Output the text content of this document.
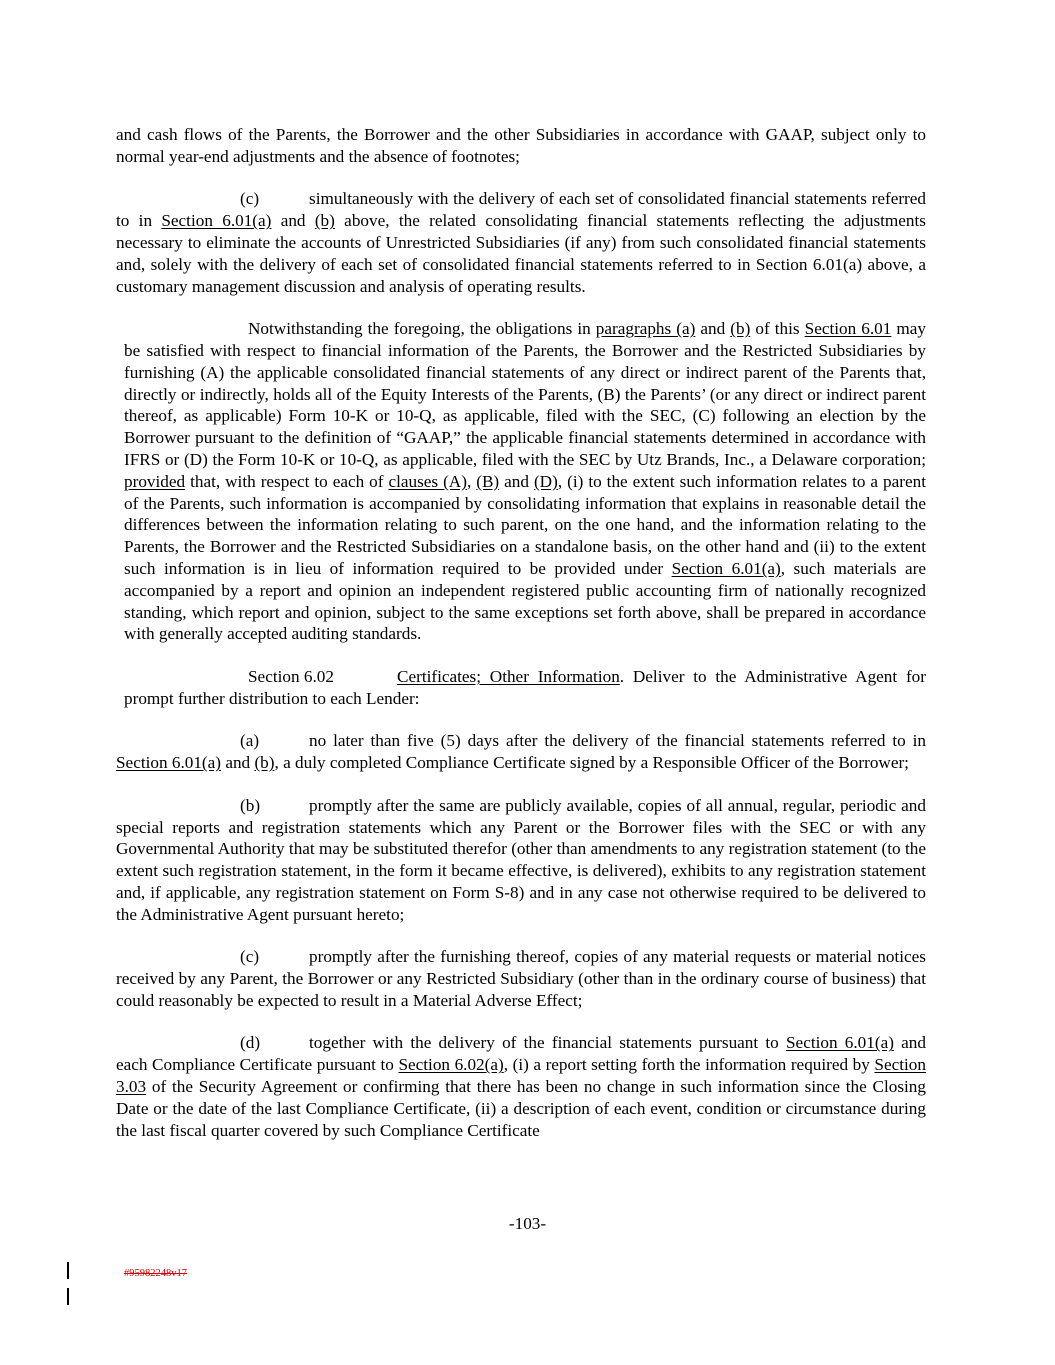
and cash flows of the Parents, the Borrower and the other Subsidiaries in accordance with GAAP, subject only to normal year-end adjustments and the absence of footnotes;

(c)	simultaneously with the delivery of each set of consolidated financial statements referred to in Section 6.01(a) and (b) above, the related consolidating financial statements reflecting the adjustments necessary to eliminate the accounts of Unrestricted Subsidiaries (if any) from such consolidated financial statements and, solely with the delivery of each set of consolidated financial statements referred to in Section 6.01(a) above, a customary management discussion and analysis of operating results.

Notwithstanding the foregoing, the obligations in paragraphs (a) and (b) of this Section 6.01 may be satisfied with respect to financial information of the Parents, the Borrower and the Restricted Subsidiaries by furnishing (A) the applicable consolidated financial statements of any direct or indirect parent of the Parents that, directly or indirectly, holds all of the Equity Interests of the Parents, (B) the Parents’ (or any direct or indirect parent thereof, as applicable) Form 10-K or 10-Q, as applicable, filed with the SEC, (C) following an election by the Borrower pursuant to the definition of “GAAP,” the applicable financial statements determined in accordance with IFRS or (D) the Form 10-K or 10-Q, as applicable, filed with the SEC by Utz Brands, Inc., a Delaware corporation; provided that, with respect to each of clauses (A), (B) and (D), (i) to the extent such information relates to a parent of the Parents, such information is accompanied by consolidating information that explains in reasonable detail the differences between the information relating to such parent, on the one hand, and the information relating to the Parents, the Borrower and the Restricted Subsidiaries on a standalone basis, on the other hand and (ii) to the extent such information is in lieu of information required to be provided under Section 6.01(a), such materials are accompanied by a report and opinion an independent registered public accounting firm of nationally recognized standing, which report and opinion, subject to the same exceptions set forth above, shall be prepared in accordance with generally accepted auditing standards.

Section 6.02	Certificates; Other Information. Deliver to the Administrative Agent for prompt further distribution to each Lender:

(a)	no later than five (5) days after the delivery of the financial statements referred to in Section 6.01(a) and (b), a duly completed Compliance Certificate signed by a Responsible Officer of the Borrower;

(b)	promptly after the same are publicly available, copies of all annual, regular, periodic and special reports and registration statements which any Parent or the Borrower files with the SEC or with any Governmental Authority that may be substituted therefor (other than amendments to any registration statement (to the extent such registration statement, in the form it became effective, is delivered), exhibits to any registration statement and, if applicable, any registration statement on Form S-8) and in any case not otherwise required to be delivered to the Administrative Agent pursuant hereto;

(c)	promptly after the furnishing thereof, copies of any material requests or material notices received by any Parent, the Borrower or any Restricted Subsidiary (other than in the ordinary course of business) that could reasonably be expected to result in a Material Adverse Effect;

(d)	together with the delivery of the financial statements pursuant to Section 6.01(a) and each Compliance Certificate pursuant to Section 6.02(a), (i) a report setting forth the information required by Section 3.03 of the Security Agreement or confirming that there has been no change in such information since the Closing Date or the date of the last Compliance Certificate, (ii) a description of each event, condition or circumstance during the last fiscal quarter covered by such Compliance Certificate

-103-
#95982248v17
